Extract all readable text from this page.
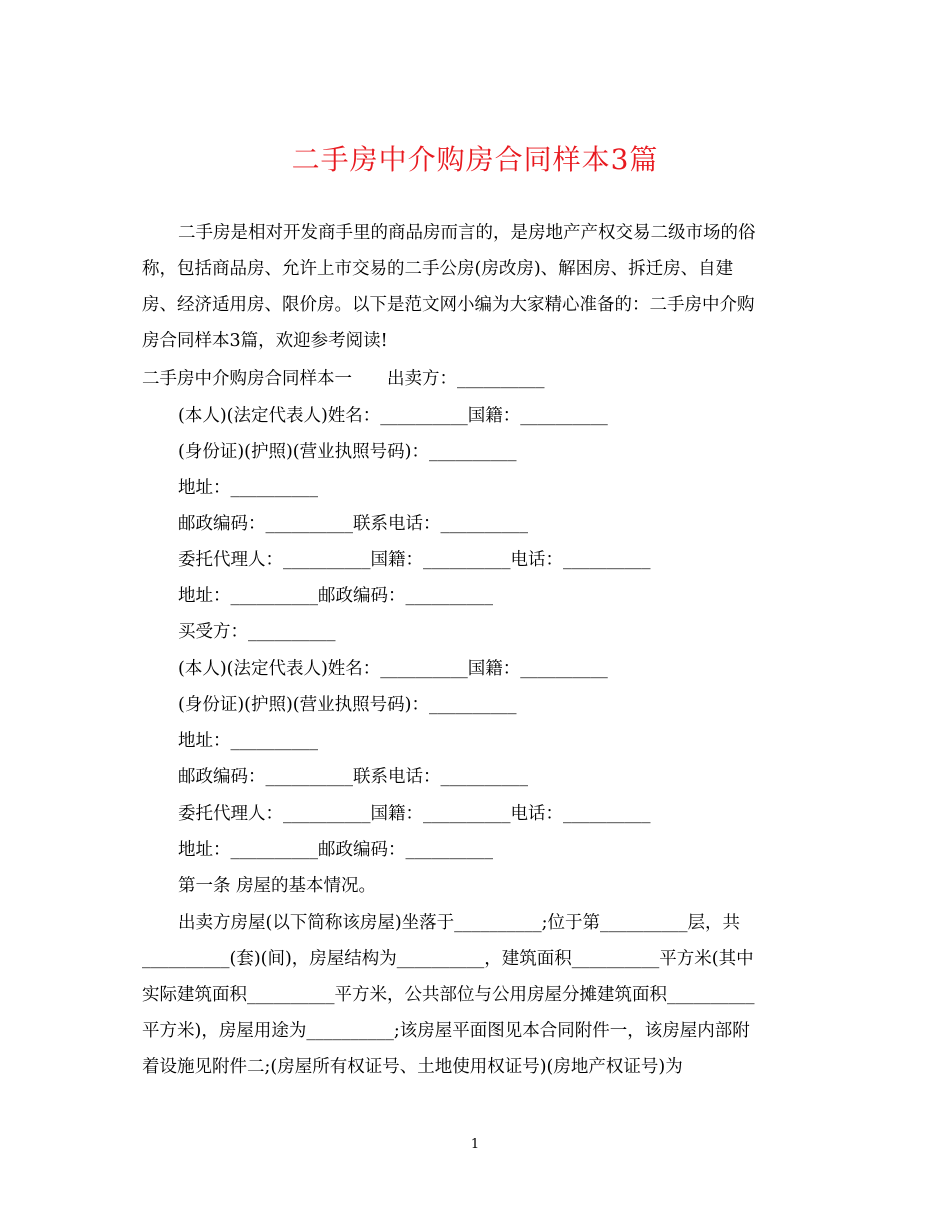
二手房中介购房合同样本3篇
二手房是相对开发商手里的商品房而言的，是房地产产权交易二级市场的俗
称，包括商品房、允许上市交易的二手公房(房改房)、解困房、拆迁房、自建
房、经济适用房、限价房。以下是范文网小编为大家精心准备的：二手房中介购
房合同样本3篇，欢迎参考阅读!
二手房中介购房合同样本一　　出卖方：__________
(本人)(法定代表人)姓名：__________国籍：__________
(身份证)(护照)(营业执照号码)：__________
地址：__________
邮政编码：__________联系电话：__________
委托代理人：__________国籍：__________电话：__________
地址：__________邮政编码：__________
买受方：__________
(本人)(法定代表人)姓名：__________国籍：__________
(身份证)(护照)(营业执照号码)：__________
地址：__________
邮政编码：__________联系电话：__________
委托代理人：__________国籍：__________电话：__________
地址：__________邮政编码：__________
第一条 房屋的基本情况。
出卖方房屋(以下简称该房屋)坐落于__________;位于第__________层，共
__________(套)(间)，房屋结构为__________，建筑面积__________平方米(其中
实际建筑面积__________平方米，公共部位与公用房屋分摊建筑面积__________
平方米)，房屋用途为__________;该房屋平面图见本合同附件一，该房屋内部附
着设施见附件二;(房屋所有权证号、土地使用权证号)(房地产权证号)为
1
